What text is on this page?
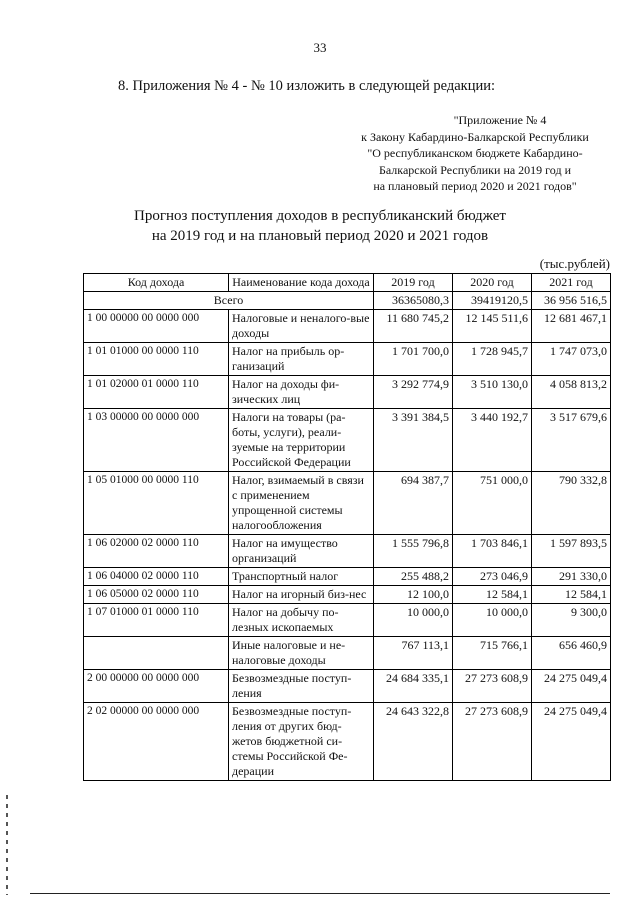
33
8. Приложения № 4 - № 10 изложить в следующей редакции:
"Приложение № 4
к Закону Кабардино-Балкарской Республики
"О республиканском бюджете Кабардино-
Балкарской Республики на 2019 год и
на плановый период 2020 и 2021 годов"
Прогноз поступления доходов в республиканский бюджет
на 2019 год и на плановый период 2020 и 2021 годов
(тыс.рублей)
Код дохода	Наименование кода дохода	2019 год	2020 год	2021 год
Всего		36365080,3	39419120,5	36 956 516,5
1 00 00000 00 0000 000	Налоговые и неналого-вые доходы	11 680 745,2	12 145 511,6	12 681 467,1
1 01 01000 00 0000 110	Налог на прибыль ор-ганизаций	1 701 700,0	1 728 945,7	1 747 073,0
1 01 02000 01 0000 110	Налог на доходы фи-зических лиц	3 292 774,9	3 510 130,0	4 058 813,2
1 03 00000 00 0000 000	Налоги на товары (ра-боты, услуги), реали-зуемые на территории Российской Федерации	3 391 384,5	3 440 192,7	3 517 679,6
1 05 01000 00 0000 110	Налог, взимаемый в связи с применением упрощенной системы налогообложения	694 387,7	751 000,0	790 332,8
1 06 02000 02 0000 110	Налог на имущество организаций	1 555 796,8	1 703 846,1	1 597 893,5
1 06 04000 02 0000 110	Транспортный налог	255 488,2	273 046,9	291 330,0
1 06 05000 02 0000 110	Налог на игорный биз-нес	12 100,0	12 584,1	12 584,1
1 07 01000 01 0000 110	Налог на добычу по-лезных ископаемых	10 000,0	10 000,0	9 300,0
	Иные налоговые и не-налоговые доходы	767 113,1	715 766,1	656 460,9
2 00 00000 00 0000 000	Безвозмездные поступ-ления	24 684 335,1	27 273 608,9	24 275 049,4
2 02 00000 00 0000 000	Безвозмездные поступ-ления от других бюд-жетов бюджетной си-стемы Российской Фе-дерации	24 643 322,8	27 273 608,9	24 275 049,4
